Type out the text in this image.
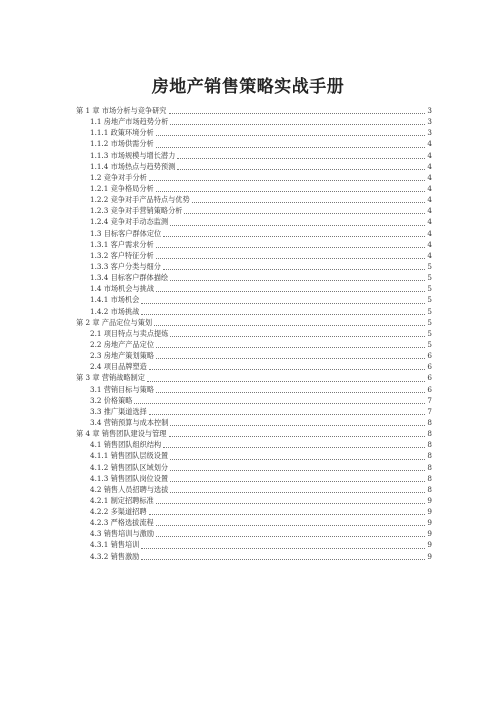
房地产销售策略实战手册
第 1 章 市场分析与竞争研究	3
1.1 房地产市场趋势分析	3
1.1.1 政策环境分析	3
1.1.2 市场供需分析	4
1.1.3 市场规模与增长潜力	4
1.1.4 市场热点与趋势预测	4
1.2 竞争对手分析	4
1.2.1 竞争格局分析	4
1.2.2 竞争对手产品特点与优势	4
1.2.3 竞争对手营销策略分析	4
1.2.4 竞争对手动态监测	4
1.3 目标客户群体定位	4
1.3.1 客户需求分析	4
1.3.2 客户特征分析	4
1.3.3 客户分类与细分	5
1.3.4 目标客户群体描绘	5
1.4 市场机会与挑战	5
1.4.1 市场机会	5
1.4.2 市场挑战	5
第 2 章 产品定位与策划	5
2.1 项目特点与卖点提炼	5
2.2 房地产产品定位	5
2.3 房地产策划策略	6
2.4 项目品牌塑造	6
第 3 章 营销战略制定	6
3.1 营销目标与策略	6
3.2 价格策略	7
3.3 推广渠道选择	7
3.4 营销预算与成本控制	8
第 4 章 销售团队建设与管理	8
4.1 销售团队组织结构	8
4.1.1 销售团队层级设置	8
4.1.2 销售团队区域划分	8
4.1.3 销售团队岗位设置	8
4.2 销售人员招聘与选拔	8
4.2.1 制定招聘标准	9
4.2.2 多渠道招聘	9
4.2.3 严格选拔流程	9
4.3 销售培训与激励	9
4.3.1 销售培训	9
4.3.2 销售激励	9
